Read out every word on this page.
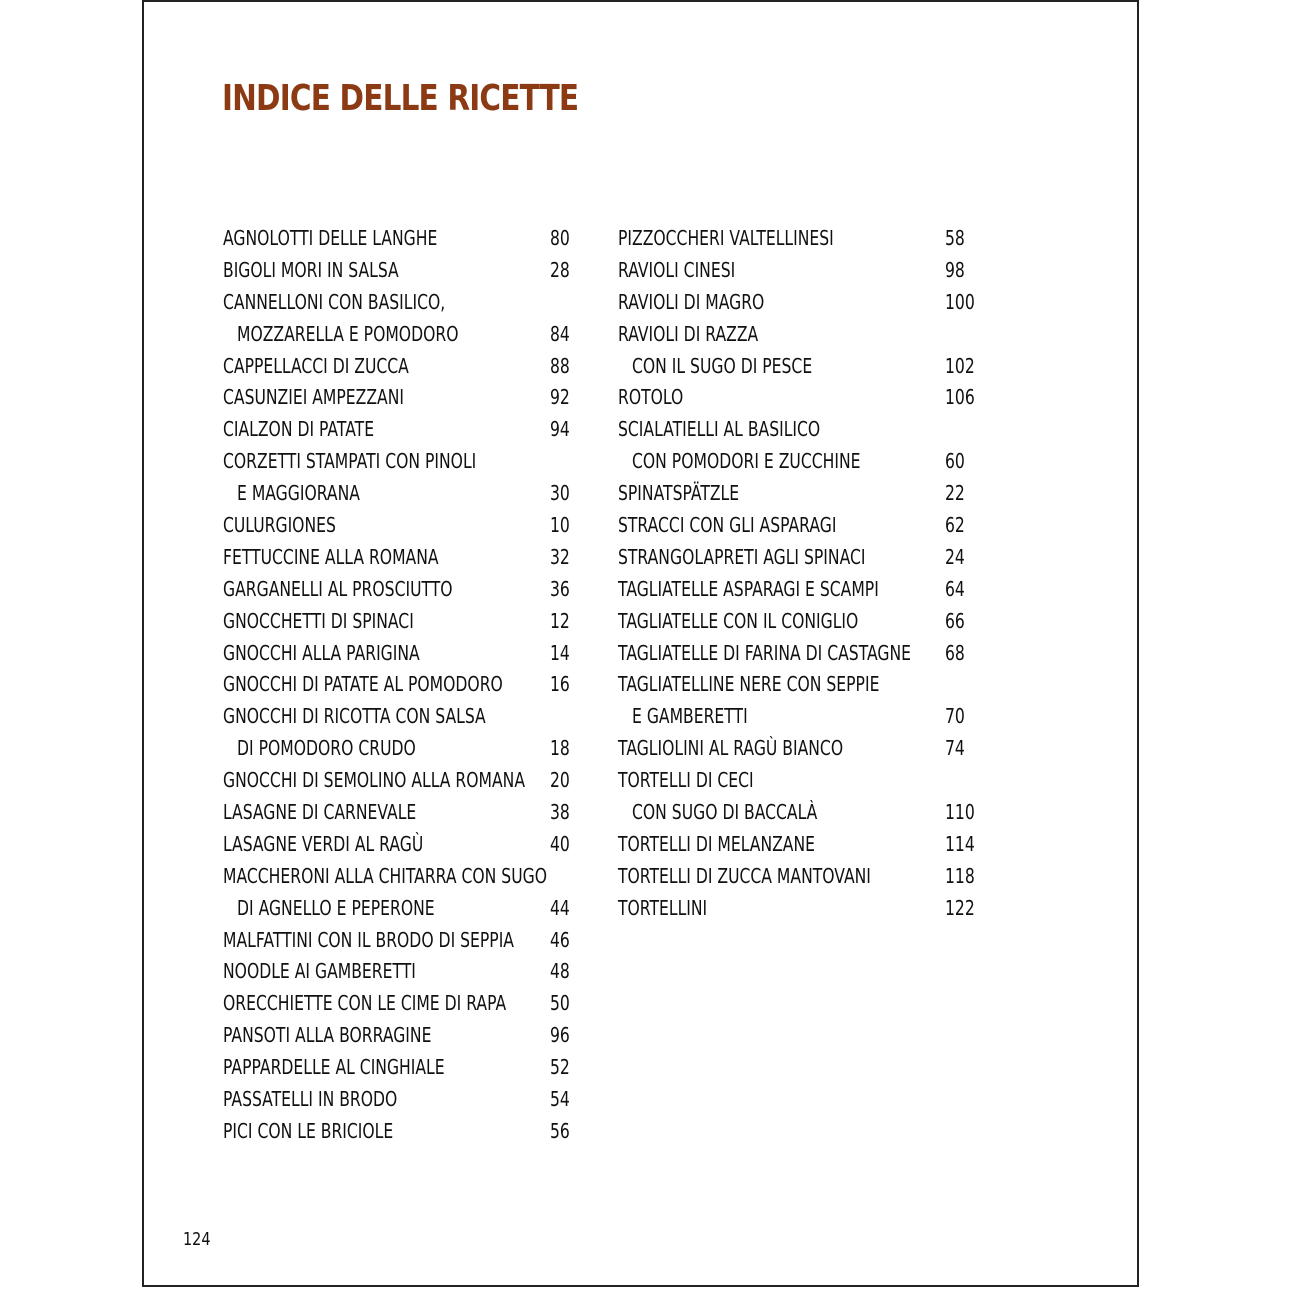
INDICE DELLE RICETTE
AGNOLOTTI DELLE LANGHE	80
BIGOLI MORI IN SALSA	28
CANNELLONI CON BASILICO,
MOZZARELLA E POMODORO	84
CAPPELLACCI DI ZUCCA	88
CASUNZIEI AMPEZZANI	92
CIALZON DI PATATE	94
CORZETTI STAMPATI CON PINOLI
E MAGGIORANA	30
CULURGIONES	10
FETTUCCINE ALLA ROMANA	32
GARGANELLI AL PROSCIUTTO	36
GNOCCHETTI DI SPINACI	12
GNOCCHI ALLA PARIGINA	14
GNOCCHI DI PATATE AL POMODORO 16
GNOCCHI DI RICOTTA CON SALSA
DI POMODORO CRUDO	18
GNOCCHI DI SEMOLINO ALLA ROMANA 20
LASAGNE DI CARNEVALE	38
LASAGNE VERDI AL RAGÙ	40
MACCHERONI ALLA CHITARRA CON SUGO
DI AGNELLO E PEPERONE	44
MALFATTINI CON IL BRODO DI SEPPIA 46
NOODLE AI GAMBERETTI	48
ORECCHIETTE CON LE CIME DI RAPA 50
PANSOTI ALLA BORRAGINE	96
PAPPARDELLE AL CINGHIALE	52
PASSATELLI IN BRODO	54
PICI CON LE BRICIOLE	56
PIZZOCCHERI VALTELLINESI	58
RAVIOLI CINESI	98
RAVIOLI DI MAGRO	100
RAVIOLI DI RAZZA
CON IL SUGO DI PESCE	102
ROTOLO	106
SCIALATIELLI AL BASILICO
CON POMODORI E ZUCCHINE	60
SPINATSPÄTZLE	22
STRACCI CON GLI ASPARAGI	62
STRANGOLAPRETI AGLI SPINACI	24
TAGLIATELLE ASPARAGI E SCAMPI	64
TAGLIATELLE CON IL CONIGLIO	66
TAGLIATELLE DI FARINA DI CASTAGNE 68
TAGLIATELLINE NERE CON SEPPIE
E GAMBERETTI	70
TAGLIOLINI AL RAGÙ BIANCO	74
TORTELLI DI CECI
CON SUGO DI BACCALÀ	110
TORTELLI DI MELANZANE	114
TORTELLI DI ZUCCA MANTOVANI	118
TORTELLINI	122
124
